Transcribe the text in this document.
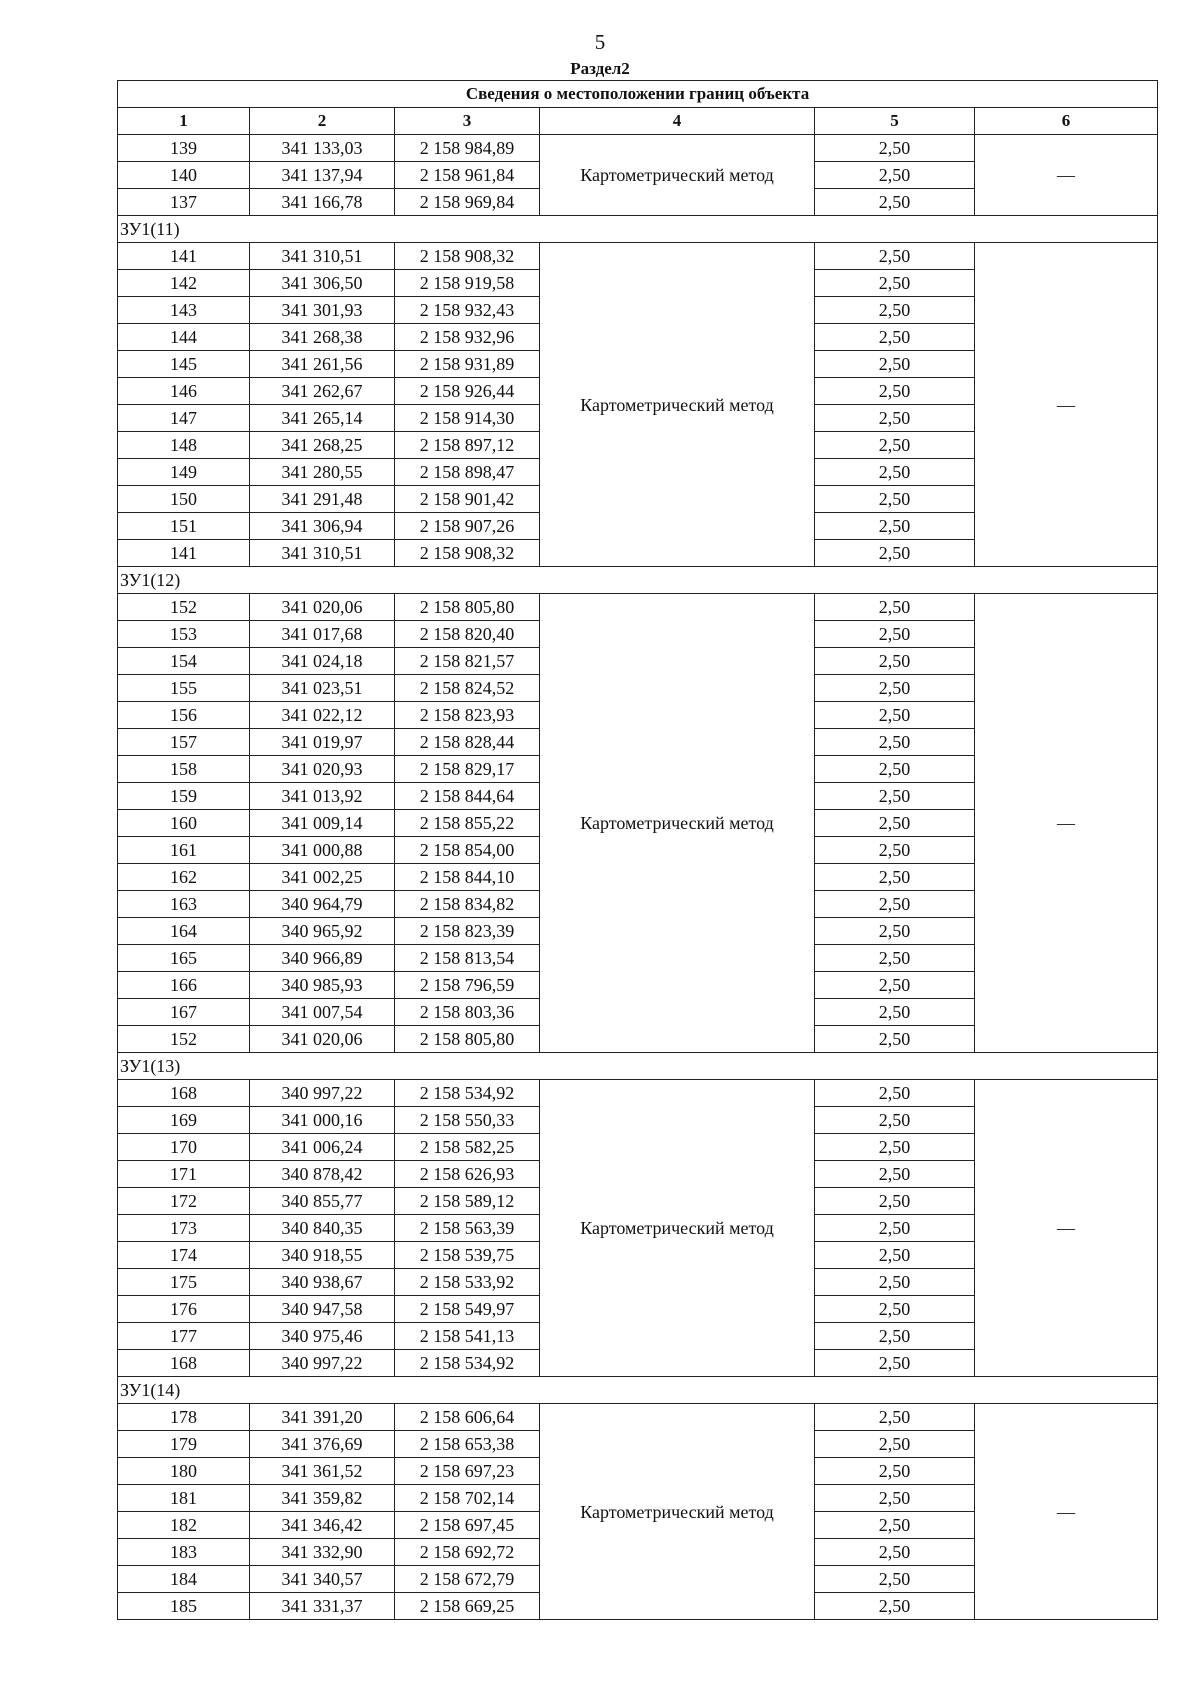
5
Раздел2
Сведения о местоположении границ объекта					
1	2	3	4	5	6
139	341 133,03	2 158 984,89	Картометрический метод	2,50	—
140	341 137,94	2 158 961,84		2,50	
137	341 166,78	2 158 969,84		2,50	
ЗУ1(11)					
141	341 310,51	2 158 908,32	Картометрический метод	2,50	—
142	341 306,50	2 158 919,58		2,50	
143	341 301,93	2 158 932,43		2,50	
144	341 268,38	2 158 932,96		2,50	
145	341 261,56	2 158 931,89		2,50	
146	341 262,67	2 158 926,44		2,50	
147	341 265,14	2 158 914,30		2,50	
148	341 268,25	2 158 897,12		2,50	
149	341 280,55	2 158 898,47		2,50	
150	341 291,48	2 158 901,42		2,50	
151	341 306,94	2 158 907,26		2,50	
141	341 310,51	2 158 908,32		2,50	
ЗУ1(12)					
152	341 020,06	2 158 805,80	Картометрический метод	2,50	—
153	341 017,68	2 158 820,40		2,50	
154	341 024,18	2 158 821,57		2,50	
155	341 023,51	2 158 824,52		2,50	
156	341 022,12	2 158 823,93		2,50	
157	341 019,97	2 158 828,44		2,50	
158	341 020,93	2 158 829,17		2,50	
159	341 013,92	2 158 844,64		2,50	
160	341 009,14	2 158 855,22		2,50	
161	341 000,88	2 158 854,00		2,50	
162	341 002,25	2 158 844,10		2,50	
163	340 964,79	2 158 834,82		2,50	
164	340 965,92	2 158 823,39		2,50	
165	340 966,89	2 158 813,54		2,50	
166	340 985,93	2 158 796,59		2,50	
167	341 007,54	2 158 803,36		2,50	
152	341 020,06	2 158 805,80		2,50	
ЗУ1(13)					
168	340 997,22	2 158 534,92	Картометрический метод	2,50	—
169	341 000,16	2 158 550,33		2,50	
170	341 006,24	2 158 582,25		2,50	
171	340 878,42	2 158 626,93		2,50	
172	340 855,77	2 158 589,12		2,50	
173	340 840,35	2 158 563,39		2,50	
174	340 918,55	2 158 539,75		2,50	
175	340 938,67	2 158 533,92		2,50	
176	340 947,58	2 158 549,97		2,50	
177	340 975,46	2 158 541,13		2,50	
168	340 997,22	2 158 534,92		2,50	
ЗУ1(14)					
178	341 391,20	2 158 606,64	Картометрический метод	2,50	—
179	341 376,69	2 158 653,38		2,50	
180	341 361,52	2 158 697,23		2,50	
181	341 359,82	2 158 702,14		2,50	
182	341 346,42	2 158 697,45		2,50	
183	341 332,90	2 158 692,72		2,50	
184	341 340,57	2 158 672,79		2,50	
185	341 331,37	2 158 669,25		2,50	
